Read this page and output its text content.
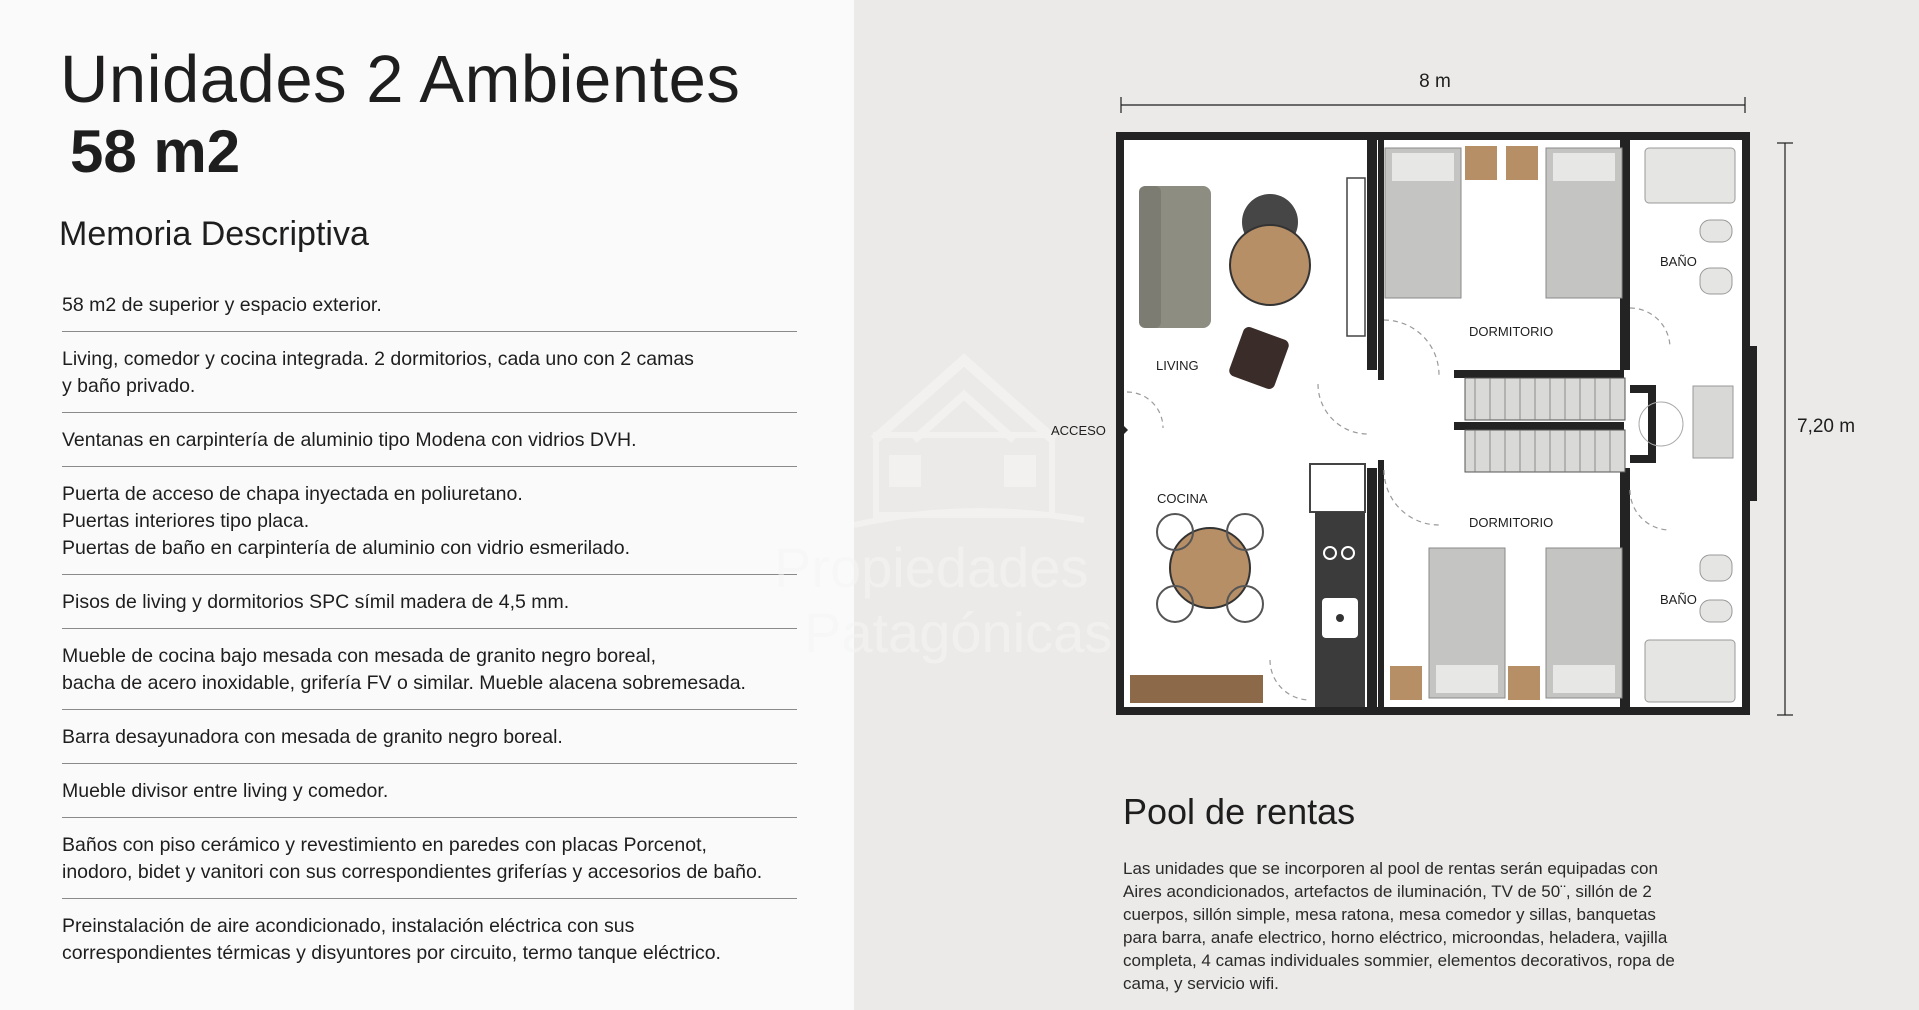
Unidades 2 Ambientes
58 m2
Memoria Descriptiva
58 m2 de superior y espacio exterior.
Living, comedor y cocina integrada. 2 dormitorios, cada uno con 2 camas
y baño privado.
Ventanas en carpintería de aluminio tipo Modena con vidrios DVH.
Puerta de acceso de chapa inyectada en poliuretano.
Puertas interiores tipo placa.
Puertas de baño en carpintería de aluminio con vidrio esmerilado.
Pisos de living y dormitorios SPC símil madera de 4,5 mm.
Mueble de cocina bajo mesada con mesada de granito negro boreal,
bacha de acero inoxidable, grifería FV o similar. Mueble alacena sobremesada.
Barra desayunadora con mesada de granito negro boreal.
Mueble divisor entre living y comedor.
Baños con piso cerámico y revestimiento en paredes con placas Porcenot,
inodoro, bidet y vanitori con sus correspondientes griferías y accesorios de baño.
Preinstalación de aire acondicionado, instalación eléctrica con sus
correspondientes térmicas y disyuntores por circuito, termo tanque eléctrico.
Propiedades
Patagónicas
8 m
7,20 m
LIVING
ACCESO
COCINA
DORMITORIO
DORMITORIO
BAÑO
BAÑO
Pool de rentas

Las unidades que se incorporen al pool de rentas serán equipadas con
Aires acondicionados, artefactos de iluminación, TV de 50¨, sillón de 2
cuerpos, sillón simple, mesa ratona, mesa comedor y sillas, banquetas
para barra, anafe electrico, horno eléctrico, microondas, heladera, vajilla
completa, 4 camas individuales sommier, elementos decorativos, ropa de
cama, y servicio wifi.
